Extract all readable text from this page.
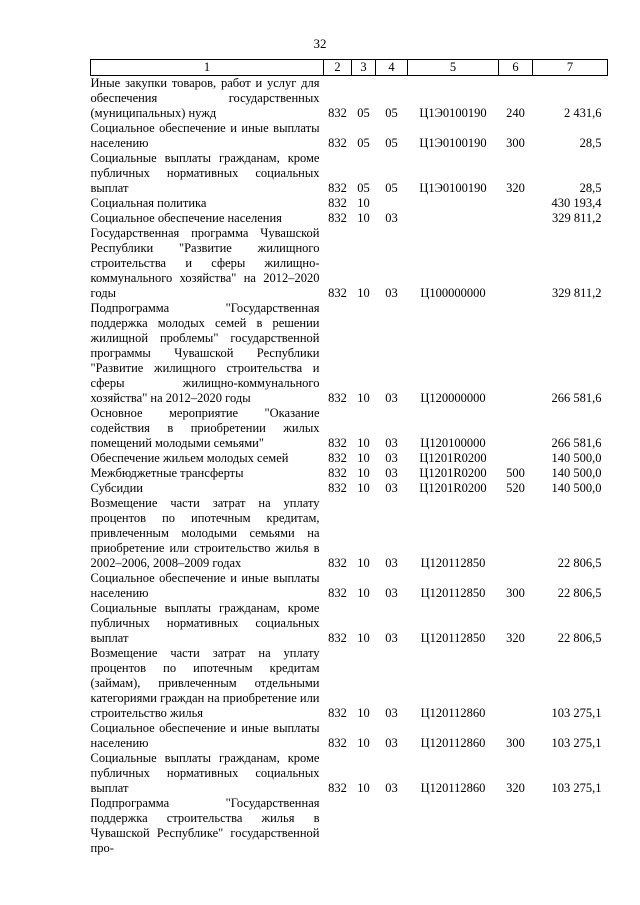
32
1	2	3	4	5	6	7
Иные закупки товаров, работ и услуг для обеспечения государственных (муниципальных) нужд	832	05	05	Ц1Э0100190	240	2 431,6
Социальное обеспечение и иные выплаты населению	832	05	05	Ц1Э0100190	300	28,5
Социальные выплаты гражданам, кроме публичных нормативных социальных выплат	832	05	05	Ц1Э0100190	320	28,5
Социальная политика	832	10				430 193,4
Социальное обеспечение населения	832	10	03			329 811,2
Государственная программа Чувашской Республики "Развитие жилищного строительства и сферы жилищно-коммунального хозяйства" на 2012–2020 годы	832	10	03	Ц100000000		329 811,2
Подпрограмма "Государственная поддержка молодых семей в решении жилищной проблемы" государственной программы Чувашской Республики "Развитие жилищного строительства и сферы жилищно-коммунального хозяйства" на 2012–2020 годы	832	10	03	Ц120000000		266 581,6
Основное мероприятие "Оказание содействия в приобретении жилых помещений молодыми семьями"	832	10	03	Ц120100000		266 581,6
Обеспечение жильем молодых семей	832	10	03	Ц1201R0200		140 500,0
Межбюджетные трансферты	832	10	03	Ц1201R0200	500	140 500,0
Субсидии	832	10	03	Ц1201R0200	520	140 500,0
Возмещение части затрат на уплату процентов по ипотечным кредитам, привлеченным молодыми семьями на приобретение или строительство жилья в 2002–2006, 2008–2009 годах	832	10	03	Ц120112850		22 806,5
Социальное обеспечение и иные выплаты населению	832	10	03	Ц120112850	300	22 806,5
Социальные выплаты гражданам, кроме публичных нормативных социальных выплат	832	10	03	Ц120112850	320	22 806,5
Возмещение части затрат на уплату процентов по ипотечным кредитам (займам), привлеченным отдельными категориями граждан на приобретение или строительство жилья	832	10	03	Ц120112860		103 275,1
Социальное обеспечение и иные выплаты населению	832	10	03	Ц120112860	300	103 275,1
Социальные выплаты гражданам, кроме публичных нормативных социальных выплат	832	10	03	Ц120112860	320	103 275,1
Подпрограмма "Государственная поддержка строительства жилья в Чувашской Республике" государственной про-						
